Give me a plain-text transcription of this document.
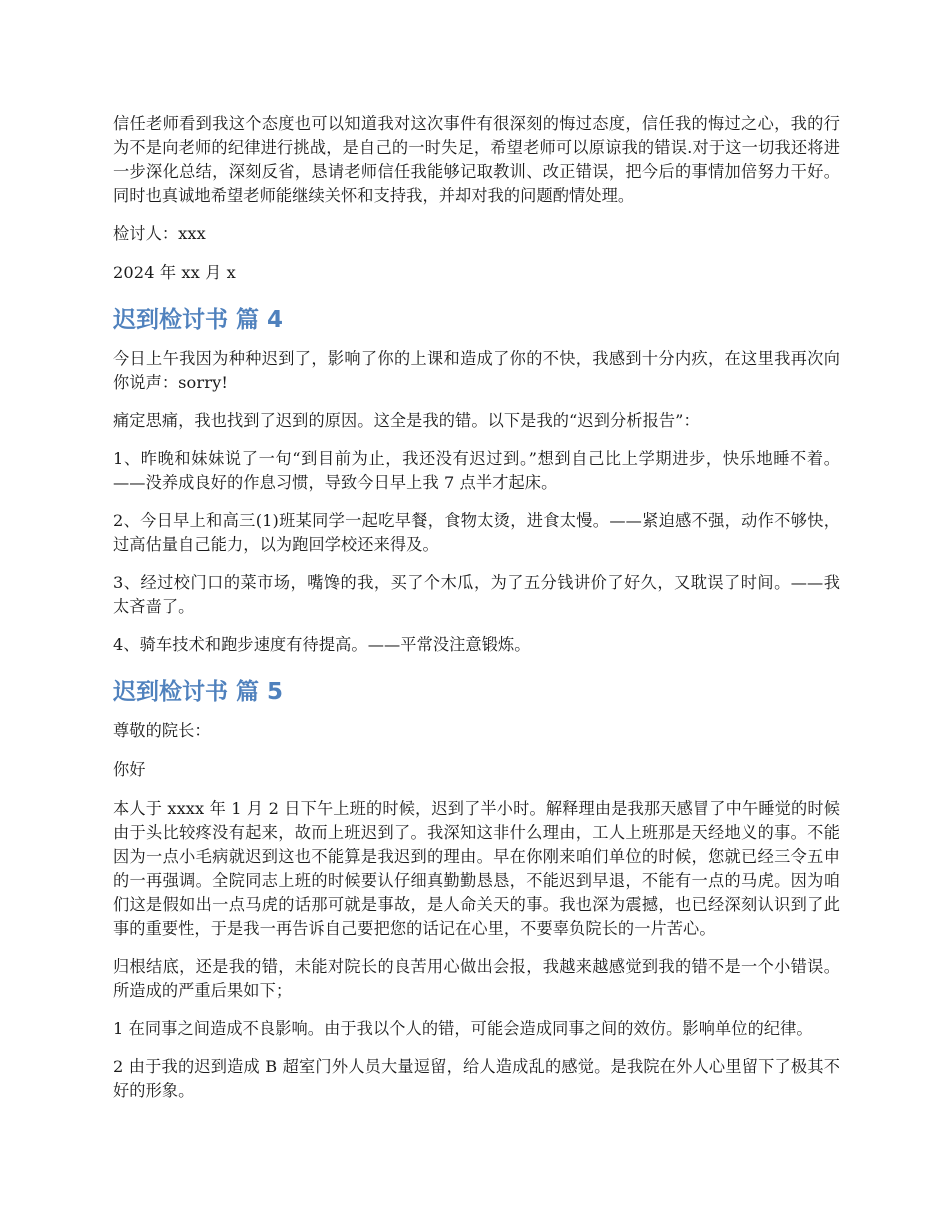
信任老师看到我这个态度也可以知道我对这次事件有很深刻的悔过态度，信任我的悔过之心，我的行为不是向老师的纪律进行挑战，是自己的一时失足，希望老师可以原谅我的错误.对于这一切我还将进一步深化总结，深刻反省，恳请老师信任我能够记取教训、改正错误，把今后的事情加倍努力干好。同时也真诚地希望老师能继续关怀和支持我，并却对我的问题酌情处理。

检讨人：xxx

2024 年 xx 月 x

迟到检讨书 篇 4

今日上午我因为种种迟到了，影响了你的上课和造成了你的不快，我感到十分内疚，在这里我再次向你说声：sorry!

痛定思痛，我也找到了迟到的原因。这全是我的错。以下是我的“迟到分析报告”：

1、昨晚和妹妹说了一句“到目前为止，我还没有迟过到。”想到自己比上学期进步，快乐地睡不着。——没养成良好的作息习惯，导致今日早上我 7 点半才起床。

2、今日早上和高三(1)班某同学一起吃早餐，食物太烫，进食太慢。——紧迫感不强，动作不够快，过高估量自己能力，以为跑回学校还来得及。

3、经过校门口的菜市场，嘴馋的我，买了个木瓜，为了五分钱讲价了好久，又耽误了时间。——我太吝啬了。

4、骑车技术和跑步速度有待提高。——平常没注意锻炼。

迟到检讨书 篇 5

尊敬的院长：

你好

本人于 xxxx 年 1 月 2 日下午上班的时候，迟到了半小时。解释理由是我那天感冒了中午睡觉的时候由于头比较疼没有起来，故而上班迟到了。我深知这非什么理由，工人上班那是天经地义的事。不能因为一点小毛病就迟到这也不能算是我迟到的理由。早在你刚来咱们单位的时候，您就已经三令五申的一再强调。全院同志上班的时候要认仔细真勤勤恳恳，不能迟到早退，不能有一点的马虎。因为咱们这是假如出一点马虎的话那可就是事故，是人命关天的事。我也深为震撼，也已经深刻认识到了此事的重要性，于是我一再告诉自己要把您的话记在心里，不要辜负院长的一片苦心。

归根结底，还是我的错，未能对院长的良苦用心做出会报，我越来越感觉到我的错不是一个小错误。所造成的严重后果如下；

1 在同事之间造成不良影响。由于我以个人的错，可能会造成同事之间的效仿。影响单位的纪律。

2 由于我的迟到造成 B 超室门外人员大量逗留，给人造成乱的感觉。是我院在外人心里留下了极其不好的形象。
